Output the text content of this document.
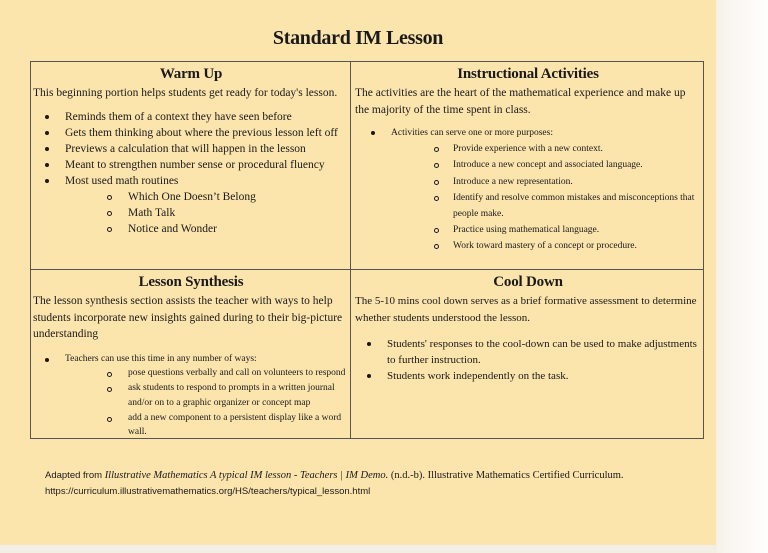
Standard IM Lesson
Warm Up

This beginning portion helps students get ready for today's lesson.

Reminds them of a context they have seen before
Gets them thinking about where the previous lesson left off
Previews a calculation that will happen in the lesson
Meant to strengthen number sense or procedural fluency
Most used math routines
Which One Doesn’t Belong
Math Talk
Notice and Wonder
Instructional Activities

The activities are the heart of the mathematical experience and make up the majority of the time spent in class.

Activities can serve one or more purposes:
Provide experience with a new context.
Introduce a new concept and associated language.
Introduce a new representation.
Identify and resolve common mistakes and misconceptions that people make.
Practice using mathematical language.
Work toward mastery of a concept or procedure.
Lesson Synthesis

The lesson synthesis section assists the teacher with ways to help students incorporate new insights gained during to their big-picture understanding

Teachers can use this time in any number of ways:
pose questions verbally and call on volunteers to respond
ask students to respond to prompts in a written journal and/or on to a graphic organizer or concept map
add a new component to a persistent display like a word wall.
Cool Down

The 5-10 mins cool down serves as a brief formative assessment to determine whether students understood the lesson.

Students' responses to the cool-down can be used to make adjustments to further instruction.
Students work independently on the task.
Adapted from Illustrative Mathematics A typical IM lesson - Teachers | IM Demo. (n.d.-b). Illustrative Mathematics Certified Curriculum.
https://curriculum.illustrativemathematics.org/HS/teachers/typical_lesson.html
